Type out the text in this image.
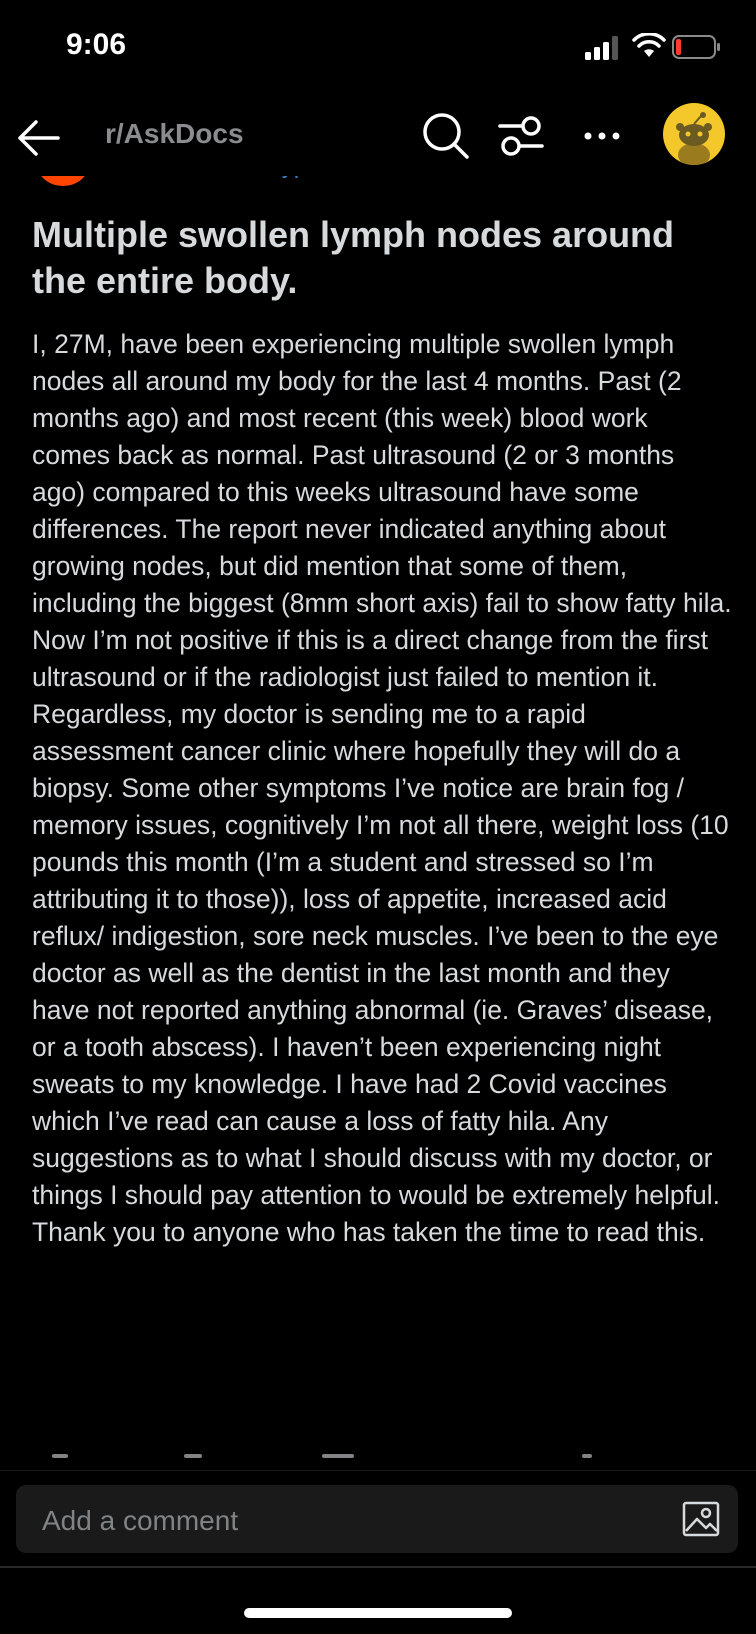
9:06
r/AskDocs
Multiple swollen lymph nodes around the entire body.

I, 27M, have been experiencing multiple swollen lymph nodes all around my body for the last 4 months. Past (2 months ago) and most recent (this week) blood work comes back as normal. Past ultrasound (2 or 3 months ago) compared to this weeks ultrasound have some differences. The report never indicated anything about growing nodes, but did mention that some of them, including the biggest (8mm short axis) fail to show fatty hila. Now I’m not positive if this is a direct change from the first ultrasound or if the radiologist just failed to mention it. Regardless, my doctor is sending me to a rapid assessment cancer clinic where hopefully they will do a biopsy. Some other symptoms I’ve notice are brain fog / memory issues, cognitively I’m not all there, weight loss (10 pounds this month (I’m a student and stressed so I’m attributing it to those)), loss of appetite, increased acid reflux/ indigestion, sore neck muscles. I’ve been to the eye doctor as well as the dentist in the last month and they have not reported anything abnormal (ie. Graves’ disease, or a tooth abscess). I haven’t been experiencing night sweats to my knowledge. I have had 2 Covid vaccines which I’ve read can cause a loss of fatty hila. Any suggestions as to what I should discuss with my doctor, or things I should pay attention to would be extremely helpful. Thank you to anyone who has taken the time to read this.

Add a comment
